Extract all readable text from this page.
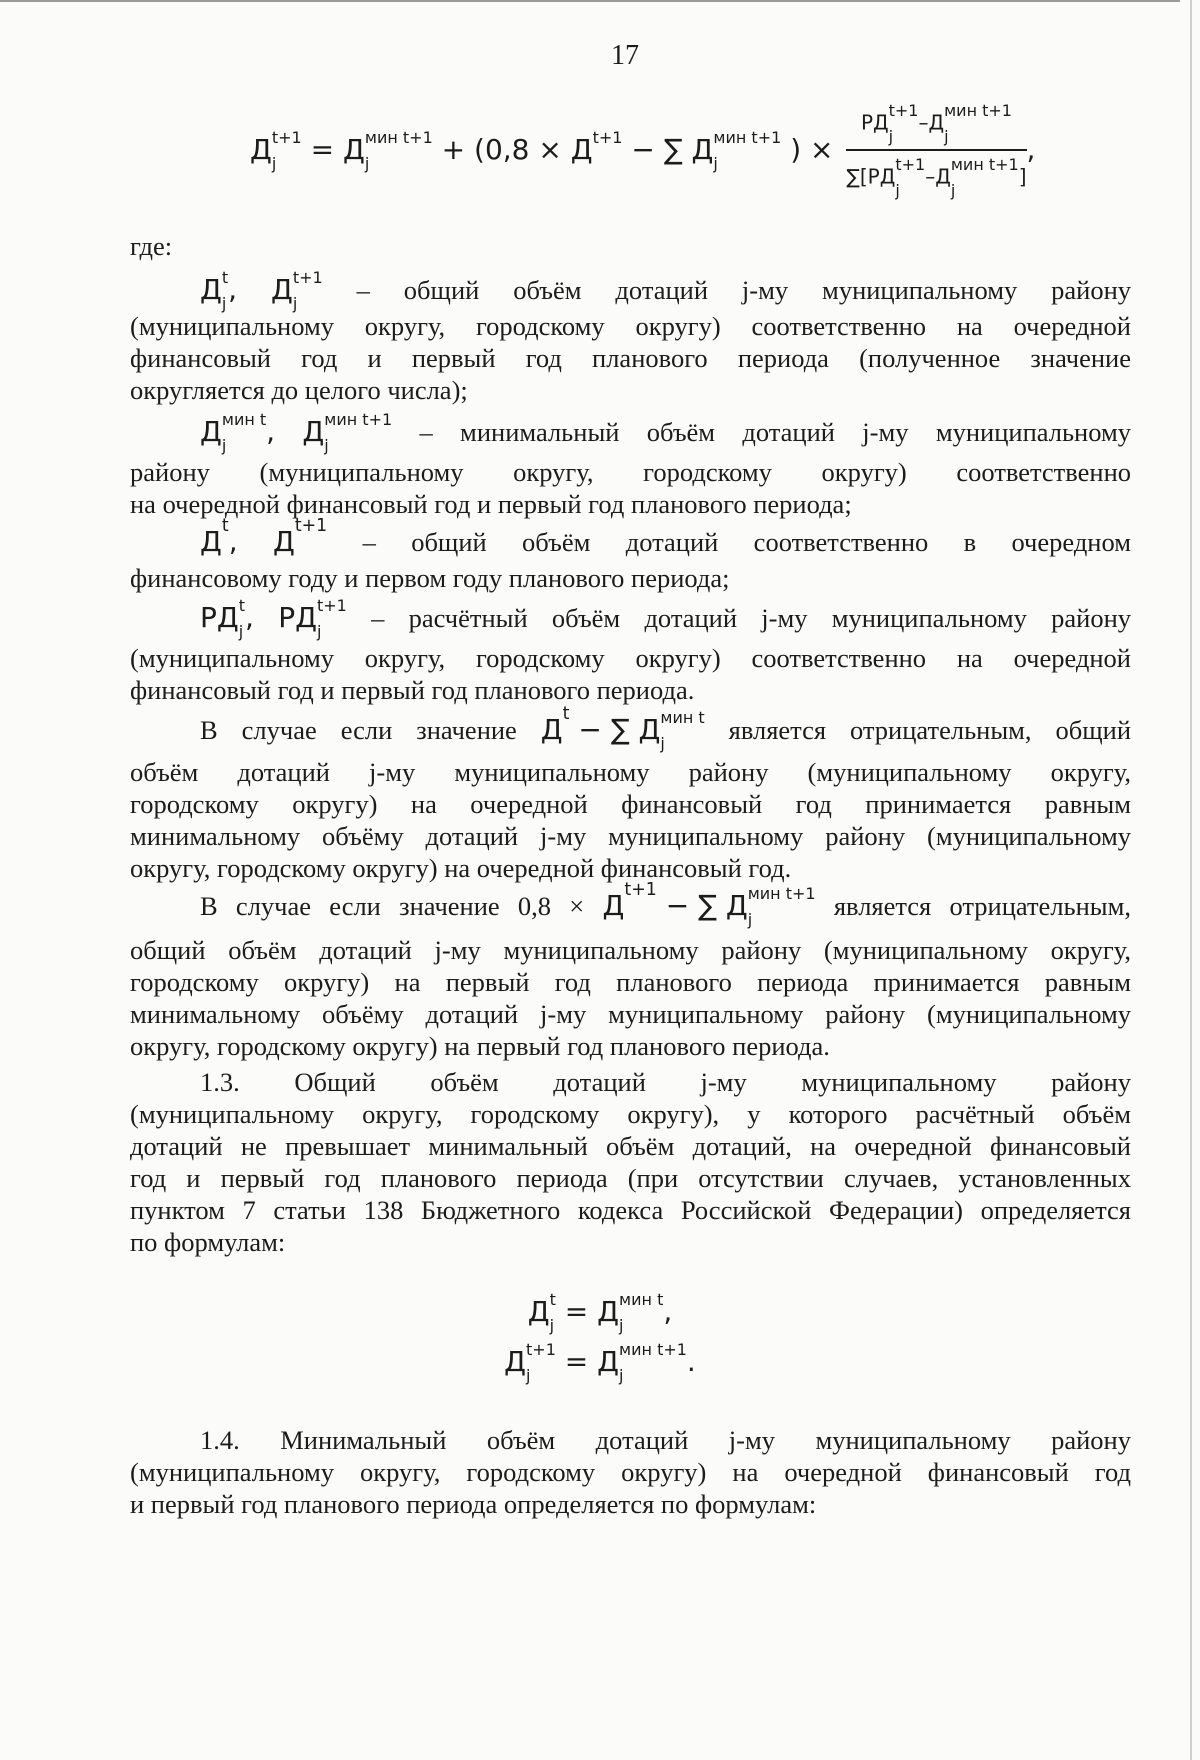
17
Д t+1
j	= Д мин t+1
j	+ (0,8 × Д t+1
− ∑ Д мин t+1
j	) × РД t+1
j
–Д мин t+1
j
∑[РД t+1
j
–Д мин t+1
j
] ,
где:
Д t
j , Д t+1
j	– общий объём дотаций j-му муниципальному району
(муниципальному округу, городскому округу) соответственно на очередной
финансовый год и первый год планового периода (полученное значение
округляется до целого числа);
Д мин t
j	, Д мин t+1
j	– минимальный объём дотаций j-му муниципальному
району (муниципальному округу, городскому округу) соответственно
на очередной финансовый год и первый год планового периода;
$Д^t$, $Д^{t+1}$ – общий объём дотаций соответственно в очередном
финансовому году и первом году планового периода;
РД t
j , РД t+1
j	– расчётный объём дотаций j-му муниципальному району
(муниципальному округу, городскому округу) соответственно на очередной
финансовый год и первый год планового периода.
В случае если значение $Д^t$ − ∑ Д мин t
j	является отрицательным, общий
объём дотаций j-му муниципальному району (муниципальному округу,
городскому округу) на очередной финансовый год принимается равным
минимальному объёму дотаций j-му муниципальному району (муниципальному
округу, городскому округу) на очередной финансовый год.
В случае если значение $0,8 \times Д^{t+1}$ − ∑ Д мин t+1
j	является отрицательным,
общий объём дотаций j-му муниципальному району (муниципальному округу,
городскому округу) на первый год планового периода принимается равным
минимальному объёму дотаций j-му муниципальному району (муниципальному
округу, городскому округу) на первый год планового периода.
1.3. Общий объём дотаций j-му муниципальному району
(муниципальному округу, городскому округу), у которого расчётный объём
дотаций не превышает минимальный объём дотаций, на очередной финансовый
год и первый год планового периода (при отсутствии случаев, установленных
пунктом 7 статьи 138 Бюджетного кодекса Российской Федерации) определяется
по формулам:
Д t
j = Д мин t
j	,
Д t+1
j	= Д мин t+1
j	.
1.4. Минимальный объём дотаций j-му муниципальному району
(муниципальному округу, городскому округу) на очередной финансовый год
и первый год планового периода определяется по формулам:
